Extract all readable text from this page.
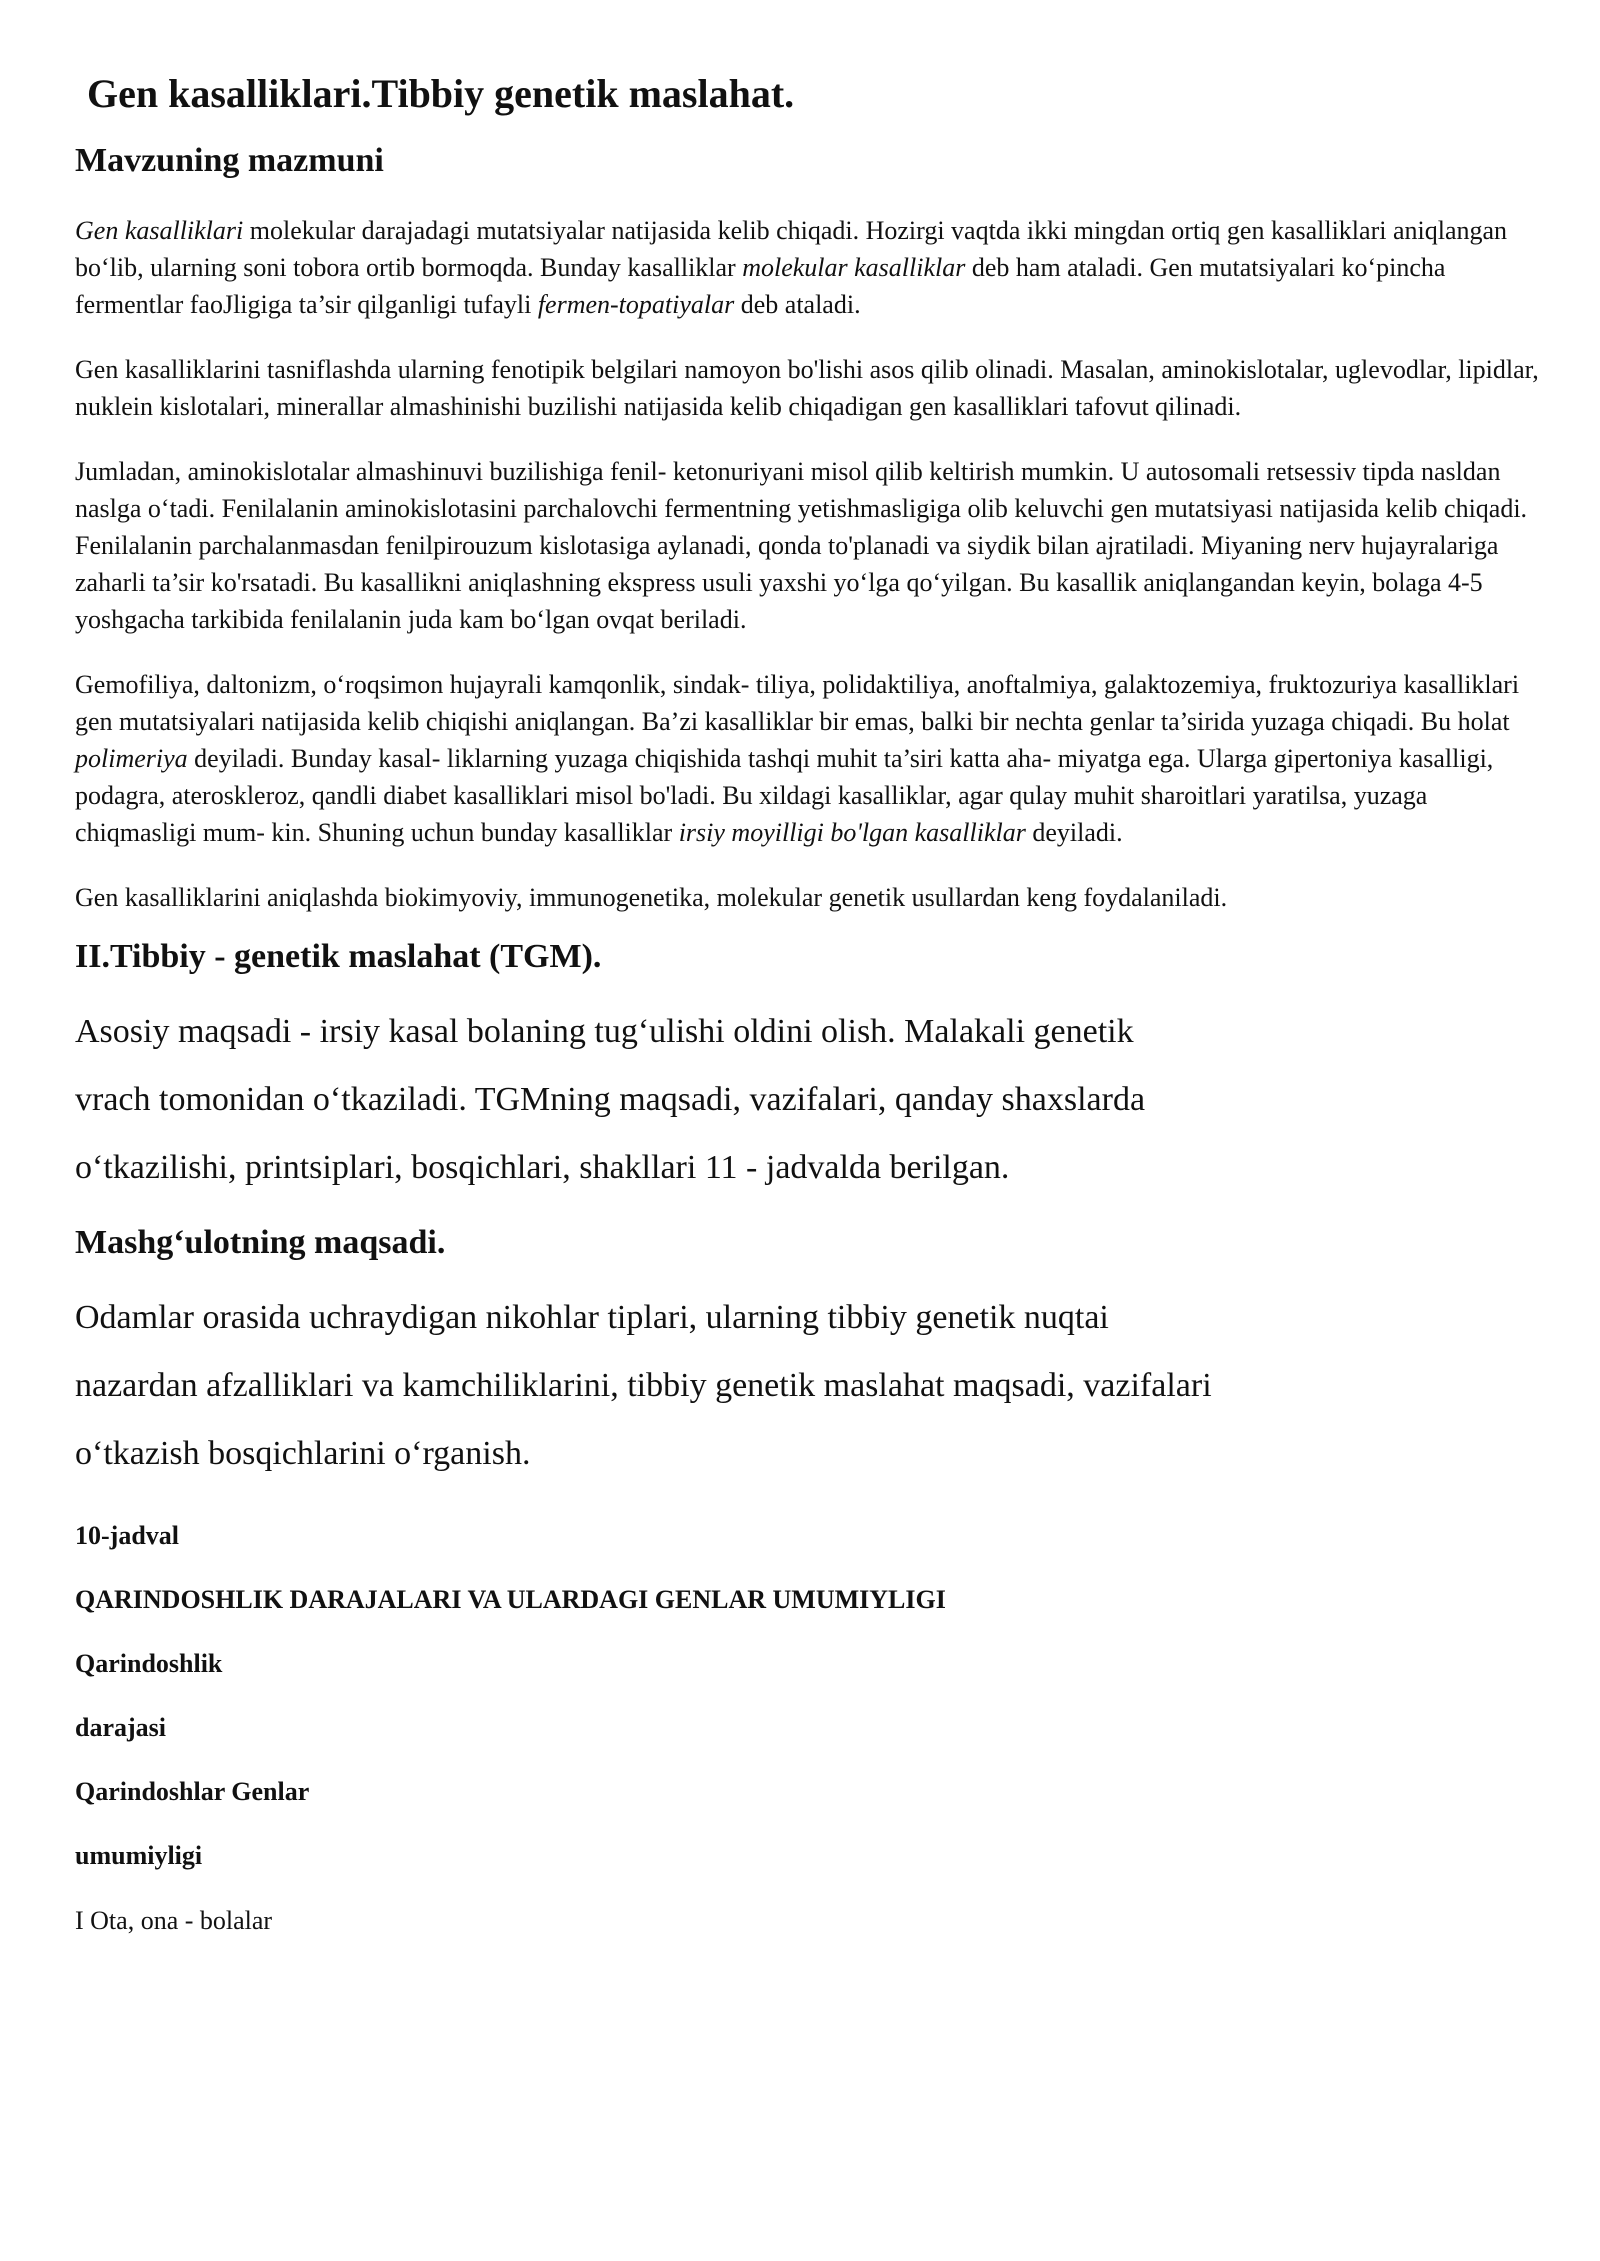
Gen kasalliklari.Tibbiy genetik maslahat.
Mavzuning mazmuni

Gen kasalliklari molekular darajadagi mutatsiyalar natijasida kelib chiqadi. Hozirgi vaqtda ikki mingdan ortiq gen kasalliklari aniqlangan bo‘lib, ularning soni tobora ortib bormoqda. Bunday kasalliklar molekular kasalliklar deb ham ataladi. Gen mutatsiyalari ko‘pincha fermentlar faoJligiga ta’sir qilganligi tufayli fermen-topatiyalar deb ataladi.

Gen kasalliklarini tasniflashda ularning fenotipik belgilari namoyon bo'lishi asos qilib olinadi. Masalan, aminokislotalar, uglevodlar, lipidlar, nuklein kislotalari, minerallar almashinishi buzilishi natijasida kelib chiqadigan gen kasalliklari tafovut qilinadi.

Jumladan, aminokislotalar almashinuvi buzilishiga fenil- ketonuriyani misol qilib keltirish mumkin. U autosomali retsessiv tipda nasldan naslga o‘tadi. Fenilalanin aminokislotasini parchalovchi fermentning yetishmasligiga olib keluvchi gen mutatsiyasi natijasida kelib chiqadi. Fenilalanin parchalanmasdan fenilpirouzum kislotasiga aylanadi, qonda to'planadi va siydik bilan ajratiladi. Miyaning nerv hujayralariga zaharli ta’sir ko'rsatadi. Bu kasallikni aniqlashning ekspress usuli yaxshi yo‘lga qo‘yilgan. Bu kasallik aniqlangandan keyin, bolaga 4-5 yoshgacha tarkibida fenilalanin juda kam bo‘lgan ovqat beriladi.

Gemofiliya, daltonizm, o‘roqsimon hujayrali kamqonlik, sindak- tiliya, polidaktiliya, anoftalmiya, galaktozemiya, fruktozuriya kasalliklari gen mutatsiyalari natijasida kelib chiqishi aniqlangan. Ba’zi kasalliklar bir emas, balki bir nechta genlar ta’sirida yuzaga chiqadi. Bu holat polimeriya deyiladi. Bunday kasal- liklarning yuzaga chiqishida tashqi muhit ta’siri katta aha- miyatga ega. Ularga gipertoniya kasalligi, podagra, ateroskleroz, qandli diabet kasalliklari misol bo'ladi. Bu xildagi kasalliklar, agar qulay muhit sharoitlari yaratilsa, yuzaga chiqmasligi mum- kin. Shuning uchun bunday kasalliklar irsiy moyilligi bo'lgan kasalliklar deyiladi.

Gen kasalliklarini aniqlashda biokimyoviy, immunogenetika, molekular genetik usullardan keng foydalaniladi.

II.Tibbiy - genetik maslahat (TGM).

Asosiy maqsadi - irsiy kasal bolaning tug‘ulishi oldini olish. Malakali genetik

vrach tomonidan o‘tkaziladi. TGMning maqsadi, vazifalari, qanday shaxslarda

o‘tkazilishi, printsiplari, bosqichlari, shakllari 11 - jadvalda berilgan.

Mashg‘ulotning maqsadi.

Odamlar orasida uchraydigan nikohlar tiplari, ularning tibbiy genetik nuqtai

nazardan afzalliklari va kamchiliklarini, tibbiy genetik maslahat maqsadi, vazifalari

o‘tkazish bosqichlarini o‘rganish.

10-jadval

QARINDOSHLIK DARAJALARI VA ULARDAGI GENLAR UMUMIYLIGI

Qarindoshlik

darajasi

Qarindoshlar Genlar

umumiyligi

I Ota, ona - bolalar
